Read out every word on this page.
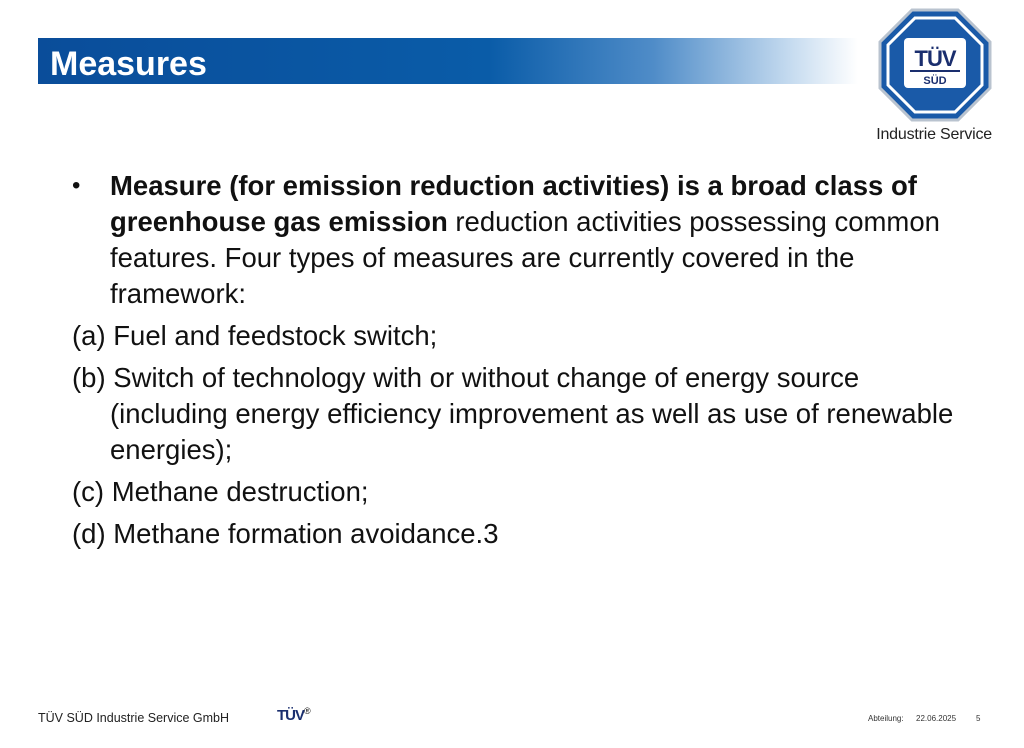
Measures	TÜV
SÜD
Industrie Service
• Measure (for emission reduction activities) is a broad class of greenhouse gas emission reduction activities possessing common features. Four types of measures are currently covered in the framework:
(a) Fuel and feedstock switch;
(b) Switch of technology with or without change of energy source (including energy efficiency improvement as well as use of renewable energies);
(c) Methane destruction;
(d) Methane formation avoidance.3
TÜV SÜD Industrie Service GmbH	TÜV®
Abteilung: 22.06.2025 5
